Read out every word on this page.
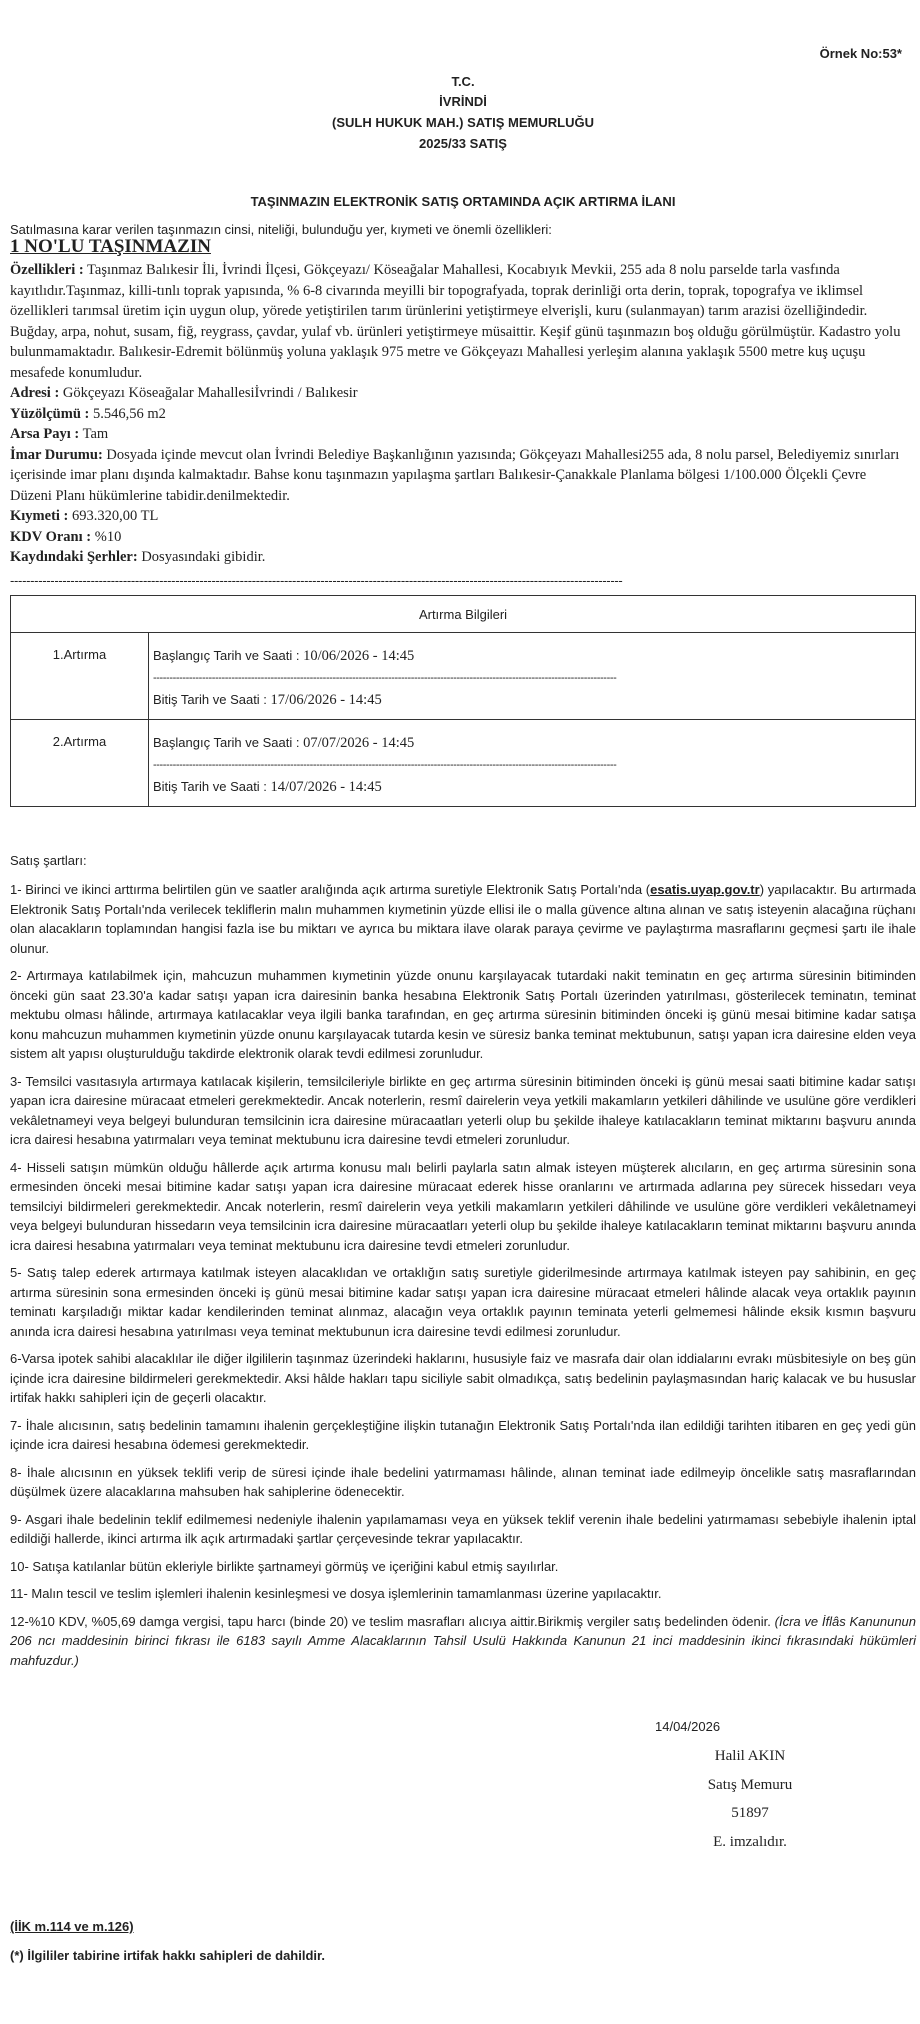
Örnek No:53*
T.C.
İVRİNDİ
(SULH HUKUK MAH.) SATIŞ MEMURLUĞU
2025/33 SATIŞ
TAŞINMAZIN ELEKTRONİK SATIŞ ORTAMINDA AÇIK ARTIRMA İLANI
Satılmasına karar verilen taşınmazın cinsi, niteliği, bulunduğu yer, kıymeti ve önemli özellikleri:
1 NO'LU TAŞINMAZIN

Özellikleri : Taşınmaz Balıkesir İli, İvrindi İlçesi, Gökçeyazı/ Köseağalar Mahallesi, Kocabıyık Mevkii, 255 ada 8 nolu parselde tarla vasfında kayıtlıdır.Taşınmaz, killi-tınlı toprak yapısında, % 6-8 civarında meyilli bir topografyada, toprak derinliği orta derin, toprak, topografya ve iklimsel özellikleri tarımsal üretim için uygun olup, yörede yetiştirilen tarım ürünlerini yetiştirmeye elverişli, kuru (sulanmayan) tarım arazisi özelliğindedir. Buğday, arpa, nohut, susam, fiğ, reygrass, çavdar, yulaf vb. ürünleri yetiştirmeye müsaittir. Keşif günü taşınmazın boş olduğu görülmüştür. Kadastro yolu bulunmamaktadır. Balıkesir-Edremit bölünmüş yoluna yaklaşık 975 metre ve Gökçeyazı Mahallesi yerleşim alanına yaklaşık 5500 metre kuş uçuşu mesafede konumludur.

Adresi : Gökçeyazı Köseağalar Mahallesiİvrindi / Balıkesir

Yüzölçümü : 5.546,56 m2

Arsa Payı : Tam

İmar Durumu: Dosyada içinde mevcut olan İvrindi Belediye Başkanlığının yazısında; Gökçeyazı Mahallesi255 ada, 8 nolu parsel, Belediyemiz sınırları içerisinde imar planı dışında kalmaktadır. Bahse konu taşınmazın yapılaşma şartları Balıkesir-Çanakkale Planlama bölgesi 1/100.000 Ölçekli Çevre Düzeni Planı hükümlerine tabidir.denilmektedir.

Kıymeti : 693.320,00 TL

KDV Oranı : %10

Kaydındaki Şerhler: Dosyasındaki gibidir.

--------------------------------------------------------------------------------------------------------------------------------------------------------
Artırma Bilgileri	
1.Artırma	Başlangıç Tarih ve Saati : 10/06/2026 - 14:45
----------------------------------------------------------------------------------------------------------------------------------------------
Bitiş Tarih ve Saati : 17/06/2026 - 14:45

2.Artırma	Başlangıç Tarih ve Saati : 07/07/2026 - 14:45
----------------------------------------------------------------------------------------------------------------------------------------------
Bitiş Tarih ve Saati : 14/07/2026 - 14:45
Satış şartları:

1- Birinci ve ikinci arttırma belirtilen gün ve saatler aralığında açık artırma suretiyle Elektronik Satış Portalı'nda (esatis.uyap.gov.tr) yapılacaktır. Bu artırmada Elektronik Satış Portalı'nda verilecek tekliflerin malın muhammen kıymetinin yüzde ellisi ile o malla güvence altına alınan ve satış isteyenin alacağına rüçhanı olan alacakların toplamından hangisi fazla ise bu miktarı ve ayrıca bu miktara ilave olarak paraya çevirme ve paylaştırma masraflarını geçmesi şartı ile ihale olunur.

2- Artırmaya katılabilmek için, mahcuzun muhammen kıymetinin yüzde onunu karşılayacak tutardaki nakit teminatın en geç artırma süresinin bitiminden önceki gün saat 23.30'a kadar satışı yapan icra dairesinin banka hesabına Elektronik Satış Portalı üzerinden yatırılması, gösterilecek teminatın, teminat mektubu olması hâlinde, artırmaya katılacaklar veya ilgili banka tarafından, en geç artırma süresinin bitiminden önceki iş günü mesai bitimine kadar satışa konu mahcuzun muhammen kıymetinin yüzde onunu karşılayacak tutarda kesin ve süresiz banka teminat mektubunun, satışı yapan icra dairesine elden veya sistem alt yapısı oluşturulduğu takdirde elektronik olarak tevdi edilmesi zorunludur.

3- Temsilci vasıtasıyla artırmaya katılacak kişilerin, temsilcileriyle birlikte en geç artırma süresinin bitiminden önceki iş günü mesai saati bitimine kadar satışı yapan icra dairesine müracaat etmeleri gerekmektedir. Ancak noterlerin, resmî dairelerin veya yetkili makamların yetkileri dâhilinde ve usulüne göre verdikleri vekâletnameyi veya belgeyi bulunduran temsilcinin icra dairesine müracaatları yeterli olup bu şekilde ihaleye katılacakların teminat miktarını başvuru anında icra dairesi hesabına yatırmaları veya teminat mektubunu icra dairesine tevdi etmeleri zorunludur.

4- Hisseli satışın mümkün olduğu hâllerde açık artırma konusu malı belirli paylarla satın almak isteyen müşterek alıcıların, en geç artırma süresinin sona ermesinden önceki mesai bitimine kadar satışı yapan icra dairesine müracaat ederek hisse oranlarını ve artırmada adlarına pey sürecek hissedarı veya temsilciyi bildirmeleri gerekmektedir. Ancak noterlerin, resmî dairelerin veya yetkili makamların yetkileri dâhilinde ve usulüne göre verdikleri vekâletnameyi veya belgeyi bulunduran hissedarın veya temsilcinin icra dairesine müracaatları yeterli olup bu şekilde ihaleye katılacakların teminat miktarını başvuru anında icra dairesi hesabına yatırmaları veya teminat mektubunu icra dairesine tevdi etmeleri zorunludur.

5- Satış talep ederek artırmaya katılmak isteyen alacaklıdan ve ortaklığın satış suretiyle giderilmesinde artırmaya katılmak isteyen pay sahibinin, en geç artırma süresinin sona ermesinden önceki iş günü mesai bitimine kadar satışı yapan icra dairesine müracaat etmeleri hâlinde alacak veya ortaklık payının teminatı karşıladığı miktar kadar kendilerinden teminat alınmaz, alacağın veya ortaklık payının teminata yeterli gelmemesi hâlinde eksik kısmın başvuru anında icra dairesi hesabına yatırılması veya teminat mektubunun icra dairesine tevdi edilmesi zorunludur.

6-Varsa ipotek sahibi alacaklılar ile diğer ilgililerin taşınmaz üzerindeki haklarını, hususiyle faiz ve masrafa dair olan iddialarını evrakı müsbitesiyle on beş gün içinde icra dairesine bildirmeleri gerekmektedir. Aksi hâlde hakları tapu siciliyle sabit olmadıkça, satış bedelinin paylaşmasından hariç kalacak ve bu hususlar irtifak hakkı sahipleri için de geçerli olacaktır.

7- İhale alıcısının, satış bedelinin tamamını ihalenin gerçekleştiğine ilişkin tutanağın Elektronik Satış Portalı'nda ilan edildiği tarihten itibaren en geç yedi gün içinde icra dairesi hesabına ödemesi gerekmektedir.

8- İhale alıcısının en yüksek teklifi verip de süresi içinde ihale bedelini yatırmaması hâlinde, alınan teminat iade edilmeyip öncelikle satış masraflarından düşülmek üzere alacaklarına mahsuben hak sahiplerine ödenecektir.

9- Asgari ihale bedelinin teklif edilmemesi nedeniyle ihalenin yapılamaması veya en yüksek teklif verenin ihale bedelini yatırmaması sebebiyle ihalenin iptal edildiği hallerde, ikinci artırma ilk açık artırmadaki şartlar çerçevesinde tekrar yapılacaktır.

10- Satışa katılanlar bütün ekleriyle birlikte şartnameyi görmüş ve içeriğini kabul etmiş sayılırlar.

11- Malın tescil ve teslim işlemleri ihalenin kesinleşmesi ve dosya işlemlerinin tamamlanması üzerine yapılacaktır.

12-%10 KDV, %05,69 damga vergisi, tapu harcı (binde 20) ve teslim masrafları alıcıya aittir.Birikmiş vergiler satış bedelinden ödenir. (İcra ve İflâs Kanununun 206 ncı maddesinin birinci fıkrası ile 6183 sayılı Amme Alacaklarının Tahsil Usulü Hakkında Kanunun 21 inci maddesinin ikinci fıkrasındaki hükümleri mahfuzdur.)

14/04/2026
Halil AKIN
Satış Memuru
51897
E. imzalıdır.
(İİK m.114 ve m.126)
(*) İlgililer tabirine irtifak hakkı sahipleri de dahildir.
